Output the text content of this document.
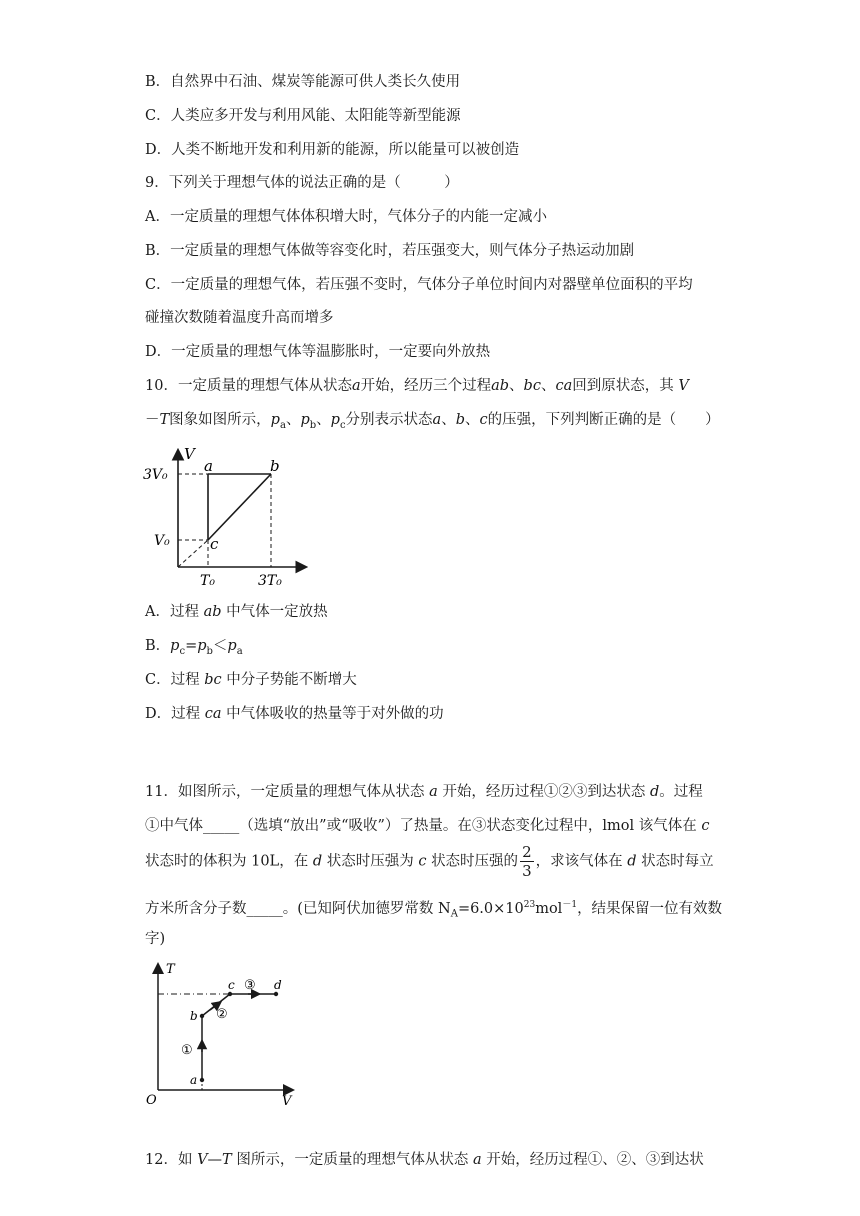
B．自然界中石油、煤炭等能源可供人类长久使用
C．人类应多开发与利用风能、太阳能等新型能源
D．人类不断地开发和利用新的能源，所以能量可以被创造
9．下列关于理想气体的说法正确的是（　　　）
A．一定质量的理想气体体积增大时，气体分子的内能一定减小
B．一定质量的理想气体做等容变化时，若压强变大，则气体分子热运动加剧
C．一定质量的理想气体，若压强不变时，气体分子单位时间内对器壁单位面积的平均
碰撞次数随着温度升高而增多
D．一定质量的理想气体等温膨胀时，一定要向外放热
10．一定质量的理想气体从状态a开始，经历三个过程ab、bc、ca回到原状态，其 V
－T图象如图所示，$p_a$、$p_b$、$p_c$分别表示状态a、b、c的压强，下列判断正确的是（　　）
V
3V₀
V₀
T₀	3T₀
a	b
c
A．过程 ab 中气体一定放热
B．$p_c=p_b<p_a$
C．过程 bc 中分子势能不断增大
D．过程 ca 中气体吸收的热量等于对外做的功
11．如图所示，一定质量的理想气体从状态 a 开始，经历过程①②③到达状态 d。过程
①中气体_____（选填“放出”或“吸收”）了热量。在③状态变化过程中，lmol 该气体在 c
状态时的体积为 10L，在 d 状态时压强为 c 状态时压强的 $\frac{2}{3}$ ，求该气体在 d 状态时每立
方米所含分子数_____。(已知阿伏加德罗常数 $N_A=6.0\times 10^{23}mol^{-1}$，结果保留一位有效数
字)
T
V
O
a
b
c	d
①
②
③
12．如 V—T 图所示，一定质量的理想气体从状态 a 开始，经历过程①、②、③到达状
